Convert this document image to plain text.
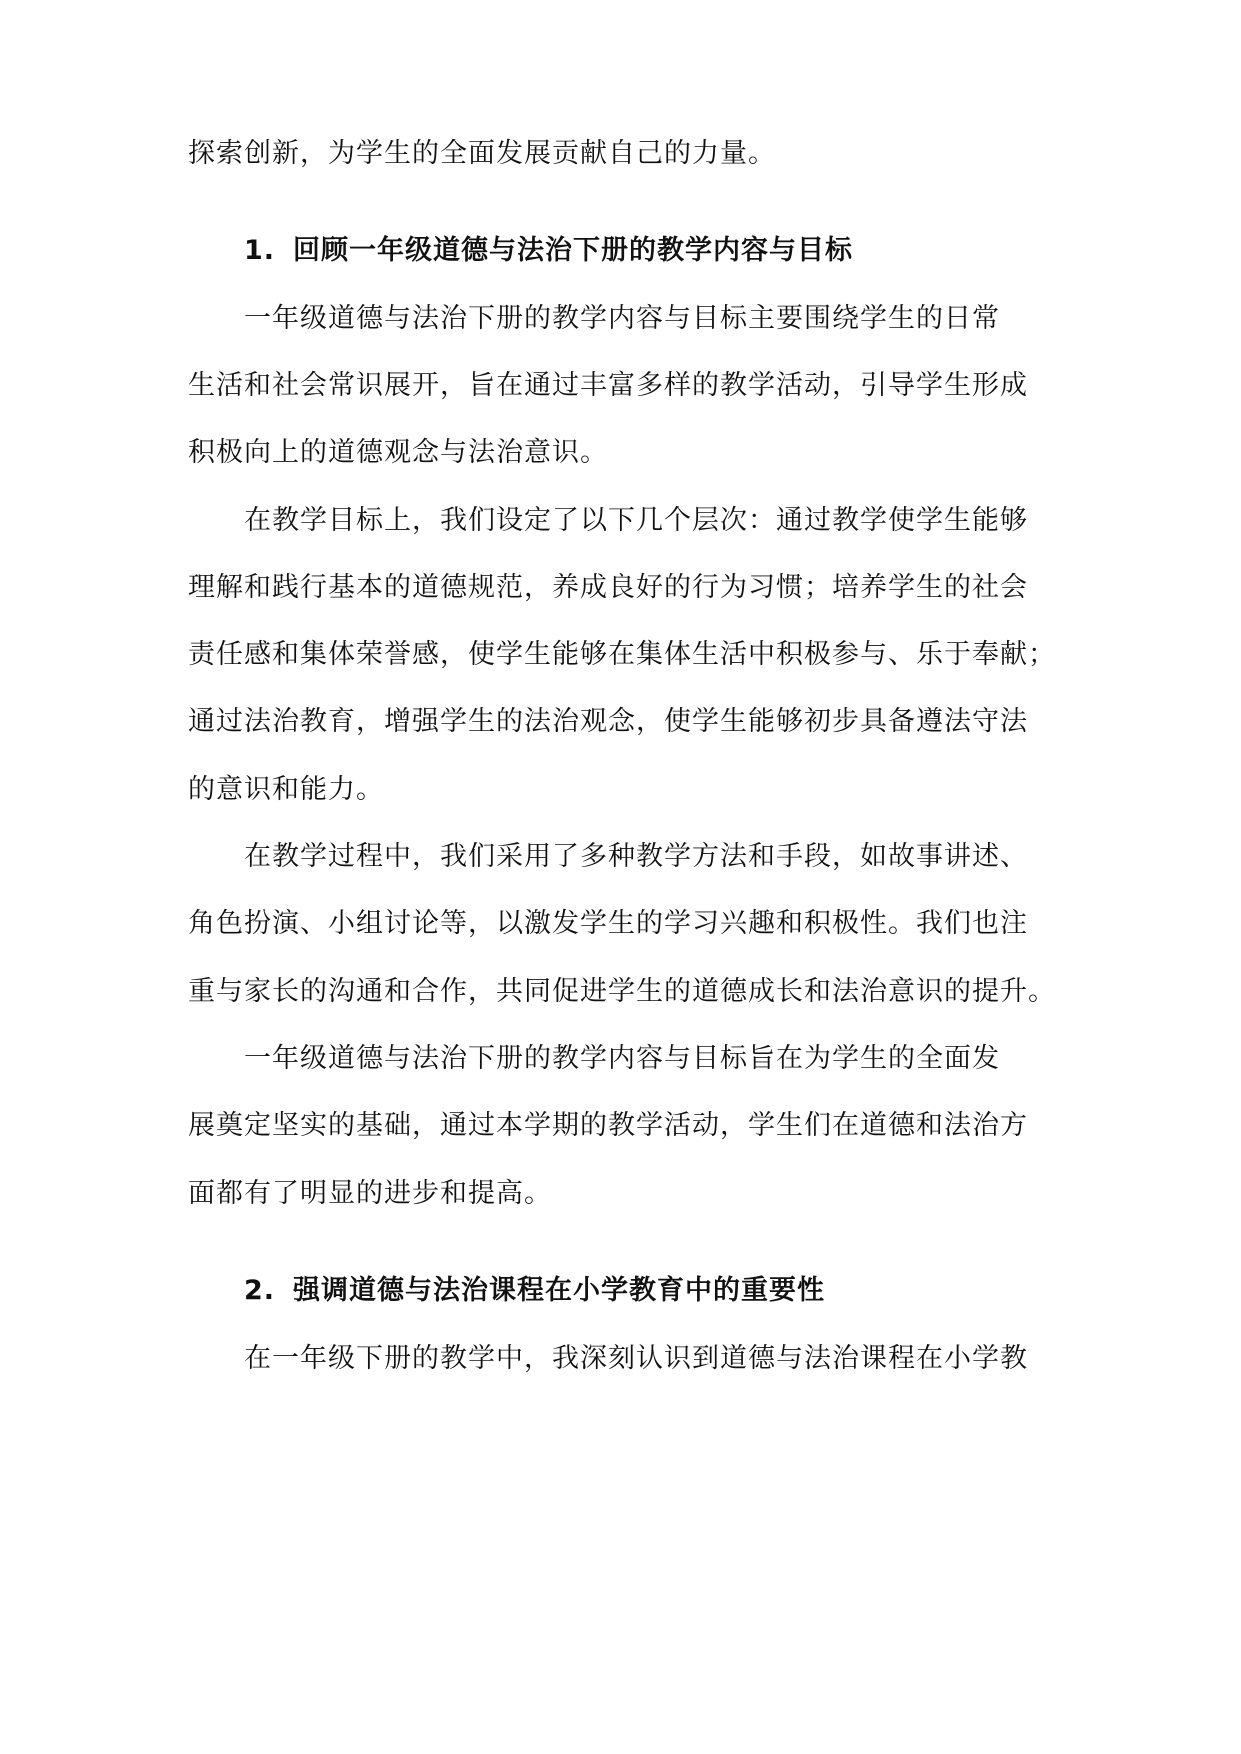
探索创新，为学生的全面发展贡献自己的力量。
1. 回顾一年级道德与法治下册的教学内容与目标
一年级道德与法治下册的教学内容与目标主要围绕学生的日常
生活和社会常识展开，旨在通过丰富多样的教学活动，引导学生形成
积极向上的道德观念与法治意识。
在教学目标上，我们设定了以下几个层次：通过教学使学生能够
理解和践行基本的道德规范，养成良好的行为习惯；培养学生的社会
责任感和集体荣誉感，使学生能够在集体生活中积极参与、乐于奉献；
通过法治教育，增强学生的法治观念，使学生能够初步具备遵法守法
的意识和能力。
在教学过程中，我们采用了多种教学方法和手段，如故事讲述、
角色扮演、小组讨论等，以激发学生的学习兴趣和积极性。我们也注
重与家长的沟通和合作，共同促进学生的道德成长和法治意识的提升。
一年级道德与法治下册的教学内容与目标旨在为学生的全面发
展奠定坚实的基础，通过本学期的教学活动，学生们在道德和法治方
面都有了明显的进步和提高。
2. 强调道德与法治课程在小学教育中的重要性
在一年级下册的教学中，我深刻认识到道德与法治课程在小学教
